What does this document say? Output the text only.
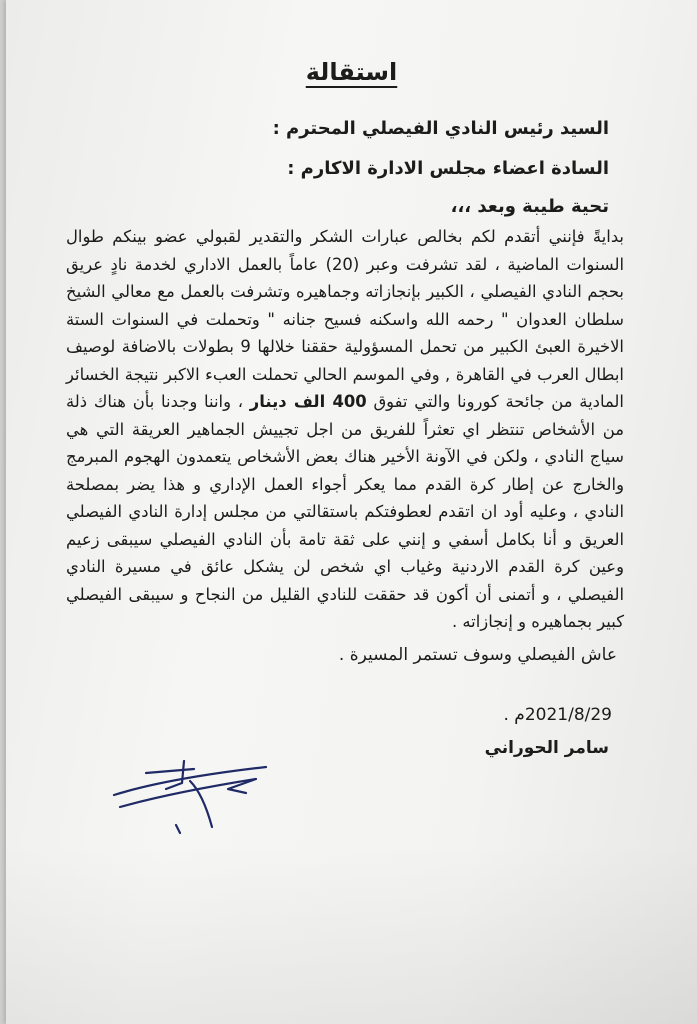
استقالة
السيد رئيس النادي الفيصلي المحترم :
السادة اعضاء مجلس الادارة الاكارم :
تحية طيبة وبعد ،،،
بدايةً فإنني أتقدم لكم بخالص عبارات الشكر والتقدير لقبولي عضو بينكم طوال السنوات الماضية ، لقد تشرفت وعبر (20) عاماً بالعمل الاداري لخدمة نادٍ عريق بحجم النادي الفيصلي ، الكبير بإنجازاته وجماهيره وتشرفت بالعمل مع معالي الشيخ سلطان العدوان " رحمه الله واسكنه فسيح جنانه " وتحملت في السنوات الستة الاخيرة العبئ الكبير من تحمل المسؤولية حققنا خلالها 9 بطولات بالاضافة لوصيف ابطال العرب في القاهرة , وفي الموسم الحالي تحملت العبء الاكبر نتيجة الخسائر المادية من جائحة كورونا والتي تفوق 400 الف دينار ، واننا وجدنا بأن هناك ذلة من الأشخاص تنتظر اي تعثراً للفريق من اجل تجييش الجماهير العريقة التي هي سياج النادي ، ولكن في الآونة الأخير هناك بعض الأشخاص يتعمدون الهجوم المبرمج والخارج عن إطار كرة القدم مما يعكر أجواء العمل الإداري و هذا يضر بمصلحة النادي ، وعليه أود ان اتقدم لعطوفتكم باستقالتي من مجلس إدارة النادي الفيصلي العريق و أنا بكامل أسفي و إنني على ثقة تامة بأن النادي الفيصلي سيبقى زعيم وعين كرة القدم الاردنية وغياب اي شخص لن يشكل عائق في مسيرة النادي الفيصلي ، و أتمنى أن أكون قد حققت للنادي القليل من النجاح و سيبقى الفيصلي كبير بجماهيره و إنجازاته .
عاش الفيصلي وسوف تستمر المسيرة .
2021/8/29م .
سامر الحوراني
